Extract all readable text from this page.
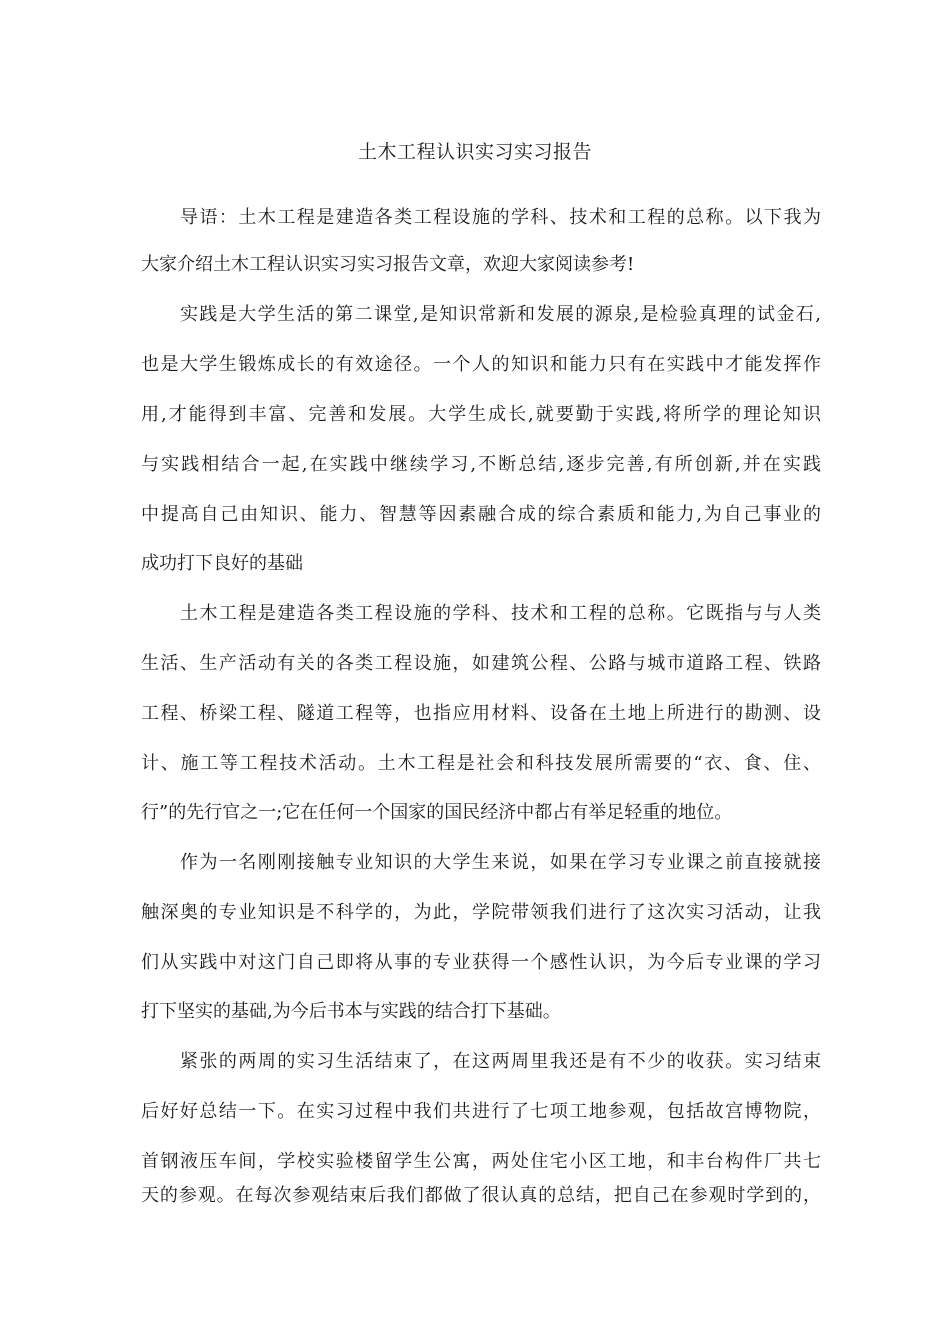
土木工程认识实习实习报告
导语：土木工程是建造各类工程设施的学科、技术和工程的总称。以下我为
大家介绍土木工程认识实习实习报告文章，欢迎大家阅读参考!
实践是大学生活的第二课堂,是知识常新和发展的源泉,是检验真理的试金石,
也是大学生锻炼成长的有效途径。一个人的知识和能力只有在实践中才能发挥作
用,才能得到丰富、完善和发展。大学生成长,就要勤于实践,将所学的理论知识
与实践相结合一起,在实践中继续学习,不断总结,逐步完善,有所创新,并在实践
中提高自己由知识、能力、智慧等因素融合成的综合素质和能力,为自己事业的
成功打下良好的基础
土木工程是建造各类工程设施的学科、技术和工程的总称。它既指与与人类
生活、生产活动有关的各类工程设施，如建筑公程、公路与城市道路工程、铁路
工程、桥梁工程、隧道工程等，也指应用材料、设备在土地上所进行的勘测、设
计、施工等工程技术活动。土木工程是社会和科技发展所需要的“衣、食、住、
行”的先行官之一;它在任何一个国家的国民经济中都占有举足轻重的地位。
作为一名刚刚接触专业知识的大学生来说，如果在学习专业课之前直接就接
触深奥的专业知识是不科学的，为此，学院带领我们进行了这次实习活动，让我
们从实践中对这门自己即将从事的专业获得一个感性认识，为今后专业课的学习
打下坚实的基础,为今后书本与实践的结合打下基础。
紧张的两周的实习生活结束了，在这两周里我还是有不少的收获。实习结束
后好好总结一下。在实习过程中我们共进行了七项工地参观，包括故宫博物院，
首钢液压车间，学校实验楼留学生公寓，两处住宅小区工地，和丰台构件厂共七
天的参观。在每次参观结束后我们都做了很认真的总结，把自己在参观时学到的，
